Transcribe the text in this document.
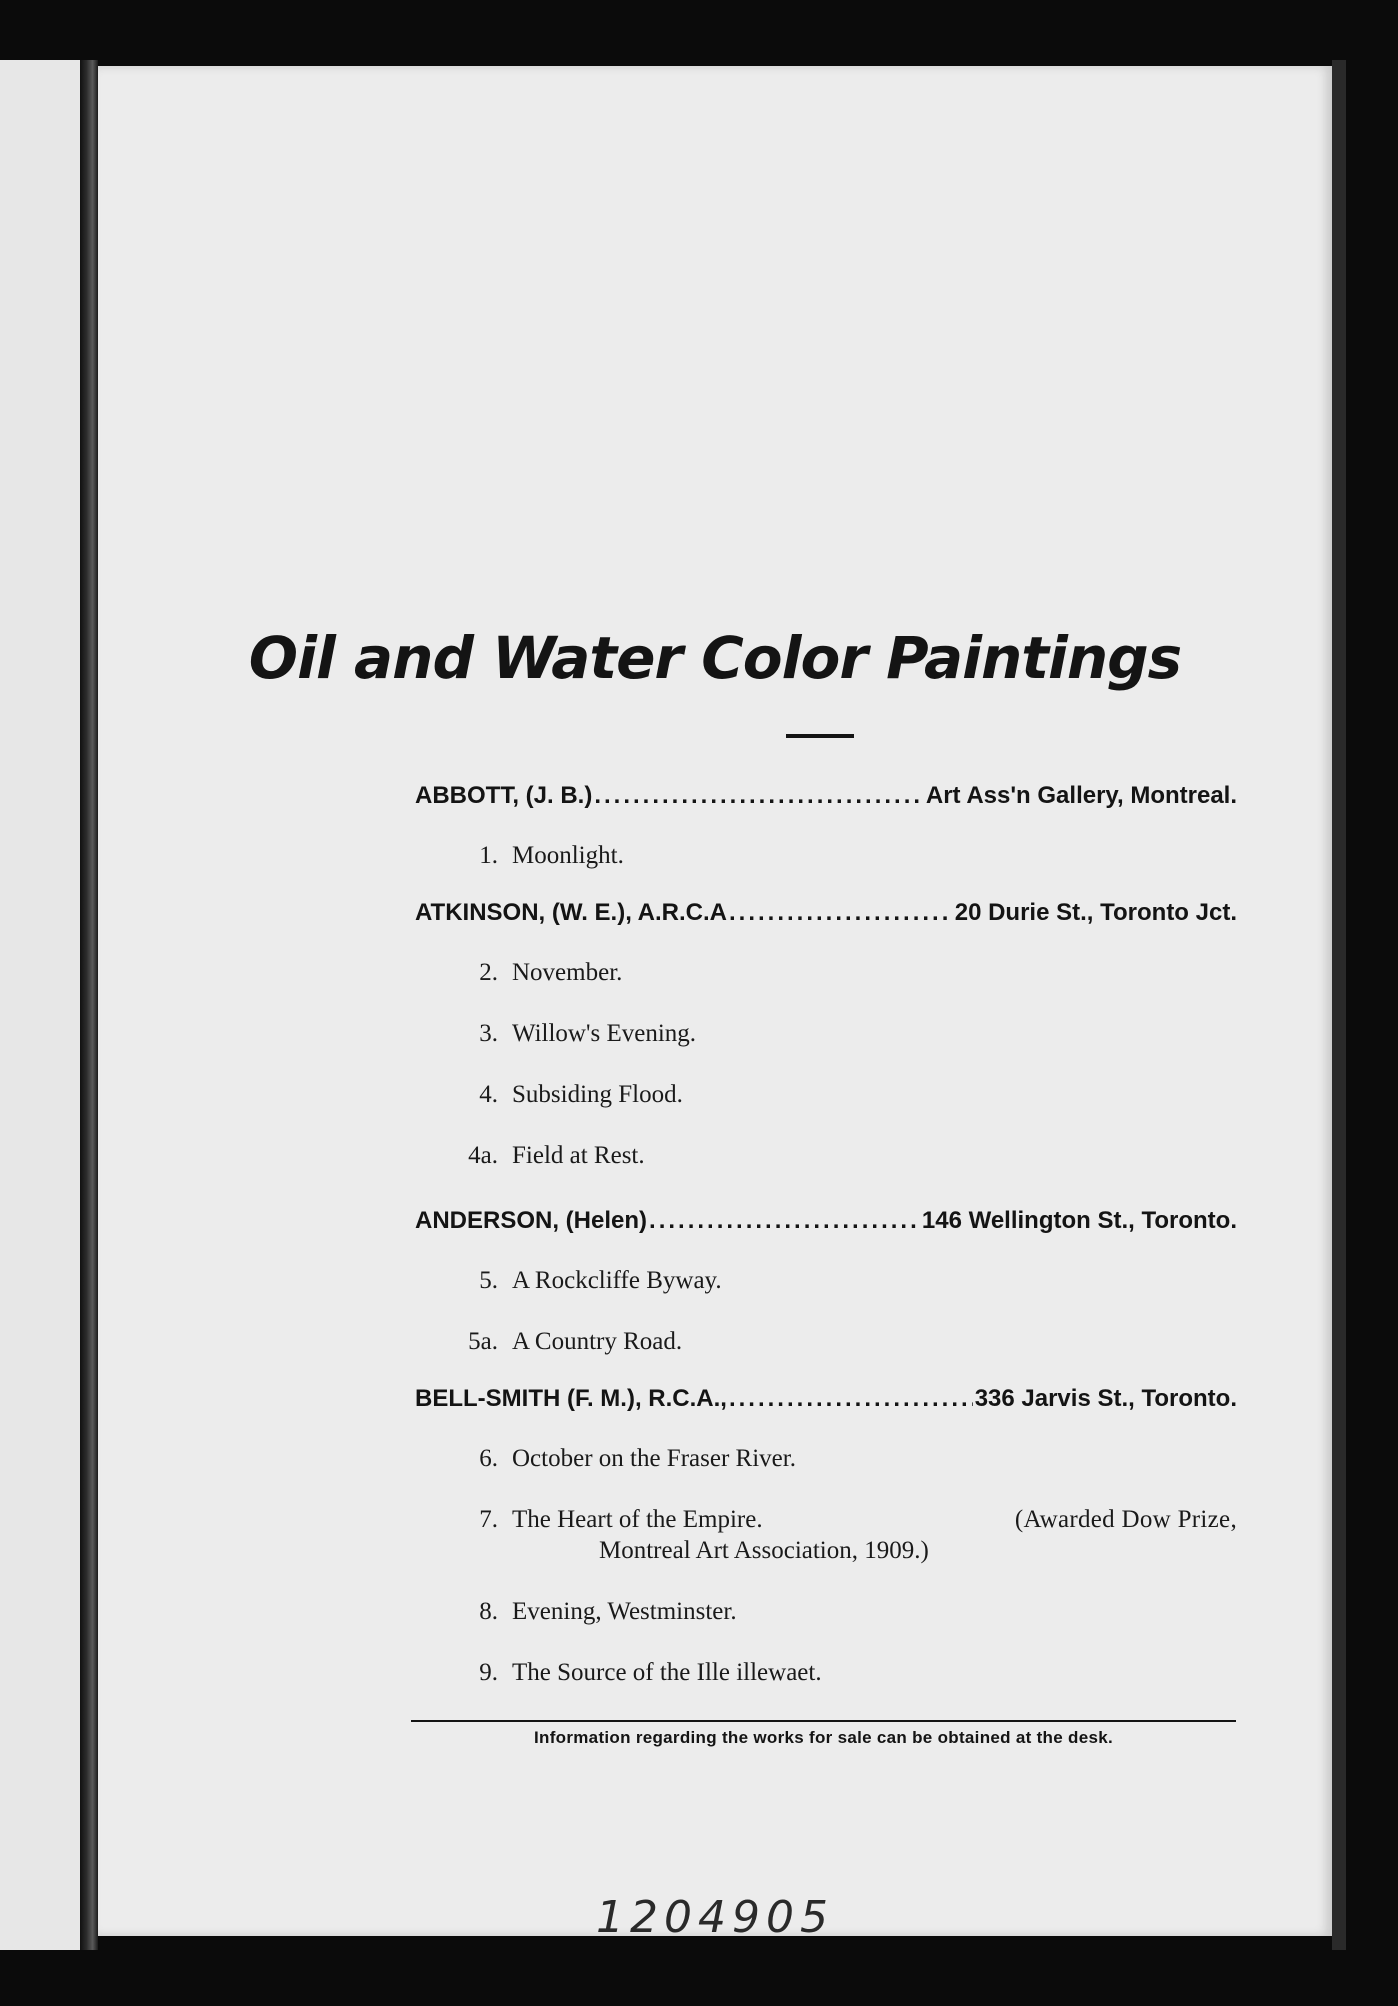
Oil and Water Color Paintings
ABBOTT, (J. B.) .....	Art Ass'n Gallery, Montreal.
1. Moonlight.
ATKINSON, (W. E.), A.R.C.A .....	20 Durie St., Toronto Jct.
2. November.
3. Willow's Evening.
4. Subsiding Flood.
4a. Field at Rest.
ANDERSON, (Helen) .....	146 Wellington St., Toronto.
5. A Rockcliffe Byway.
5a. A Country Road.
BELL-SMITH (F. M.), R.C.A., .....	336 Jarvis St., Toronto.
6. October on the Fraser River.
7. The Heart of the Empire.	(Awarded Dow Prize,
Montreal Art Association, 1909.)
8. Evening, Westminster.
9. The Source of the Ille illewaet.
Information regarding the works for sale can be obtained at the desk.
1204905
